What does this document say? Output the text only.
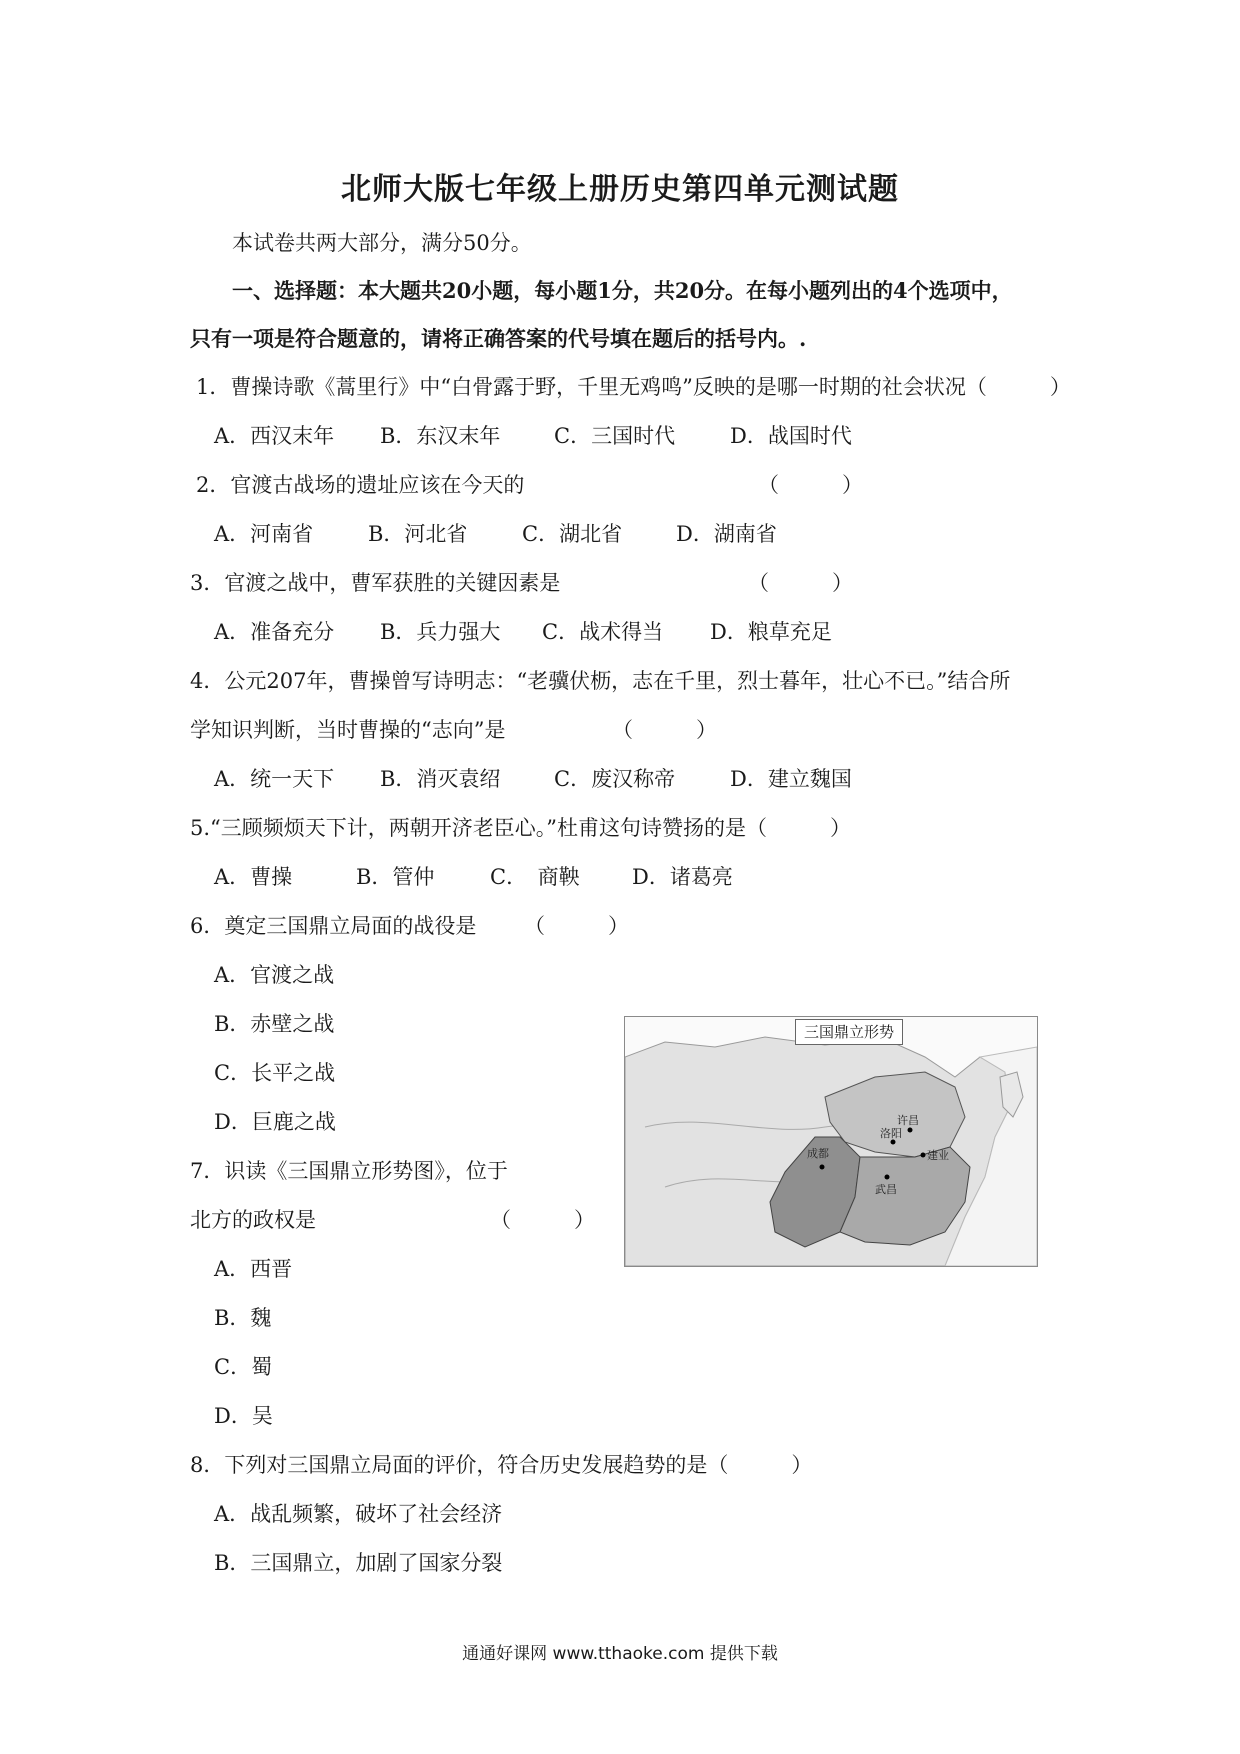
北师大版七年级上册历史第四单元测试题
本试卷共两大部分，满分50分。
一、选择题：本大题共20小题，每小题1分，共20分。在每小题列出的4个选项中，
只有一项是符合题意的，请将正确答案的代号填在题后的括号内。.
1．曹操诗歌《蒿里行》中“白骨露于野，千里无鸡鸣”反映的是哪一时期的社会状况（　　　）
A．西汉末年 B．东汉末年	C．三国时代	D．战国时代
2．官渡古战场的遗址应该在今天的	（　　　）
A．河南省	B．河北省	C．湖北省	D．湖南省
3．官渡之战中，曹军获胜的关键因素是	（　　　）
A．准备充分 B．兵力强大 C．战术得当 D．粮草充足
4．公元207年，曹操曾写诗明志：“老骥伏枥，志在千里，烈士暮年，壮心不已。”结合所
学知识判断，当时曹操的“志向”是	（　　　）
A．统一天下 B．消灭袁绍	C．废汉称帝	D．建立魏国
5.“三顾频烦天下计，两朝开济老臣心。”杜甫这句诗赞扬的是（　　　）
A．曹操	B．管仲	C．　商鞅 D．诸葛亮
6．奠定三国鼎立局面的战役是 （　　　）
A．官渡之战
B．赤壁之战
C．长平之战
D．巨鹿之战
7．识读《三国鼎立形势图》，位于
北方的政权是	（　　　）
A．西晋
B．魏
C．蜀
D．吴
8．下列对三国鼎立局面的评价，符合历史发展趋势的是（　　　）
A．战乱频繁，破坏了社会经济
B．三国鼎立，加剧了国家分裂
三国鼎立形势
成都
洛阳
许昌
建业
武昌
通通好课网 www.tthaoke.com 提供下载
